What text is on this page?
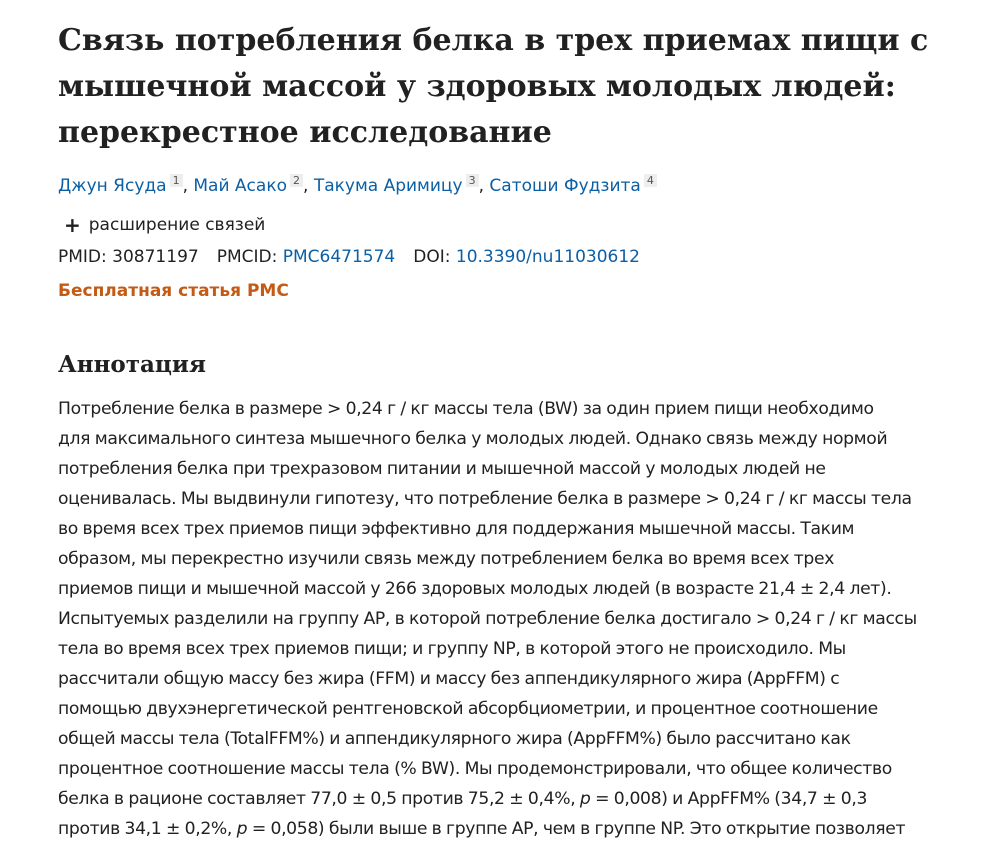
Связь потребления белка в трех приемах пищи с мышечной массой у здоровых молодых людей: перекрестное исследование
Джун Ясуда $^1$ , Май Асако $^2$ , Такума Аримицу $^3$ , Сатоши Фудзита $^4$
+ расширение связей
PMID: 30871197 PMCID: PMC6471574 DOI: 10.3390/nu11030612
Бесплатная статья PMC
Аннотация
Потребление белка в размере > 0,24 г / кг массы тела (BW) за один прием пищи необходимо
для максимального синтеза мышечного белка у молодых людей. Однако связь между нормой
потребления белка при трехразовом питании и мышечной массой у молодых людей не
оценивалась. Мы выдвинули гипотезу, что потребление белка в размере > 0,24 г / кг массы тела
во время всех трех приемов пищи эффективно для поддержания мышечной массы. Таким
образом, мы перекрестно изучили связь между потреблением белка во время всех трех
приемов пищи и мышечной массой у 266 здоровых молодых людей (в возрасте 21,4 ± 2,4 лет).
Испытуемых разделили на группу AP, в которой потребление белка достигало > 0,24 г / кг массы
тела во время всех трех приемов пищи; и группу NP, в которой этого не происходило. Мы
рассчитали общую массу без жира (FFM) и массу без аппендикулярного жира (AppFFM) с
помощью двухэнергетической рентгеновской абсорбциометрии, и процентное соотношение
общей массы тела (TotalFFM%) и аппендикулярного жира (AppFFM%) было рассчитано как
процентное соотношение массы тела (% BW). Мы продемонстрировали, что общее количество
белка в рационе составляет 77,0 ± 0,5 против 75,2 ± 0,4%, p = 0,008) и AppFFM% (34,7 ± 0,3
против 34,1 ± 0,2%, p = 0,058) были выше в группе AP, чем в группе NP. Это открытие позволяет
